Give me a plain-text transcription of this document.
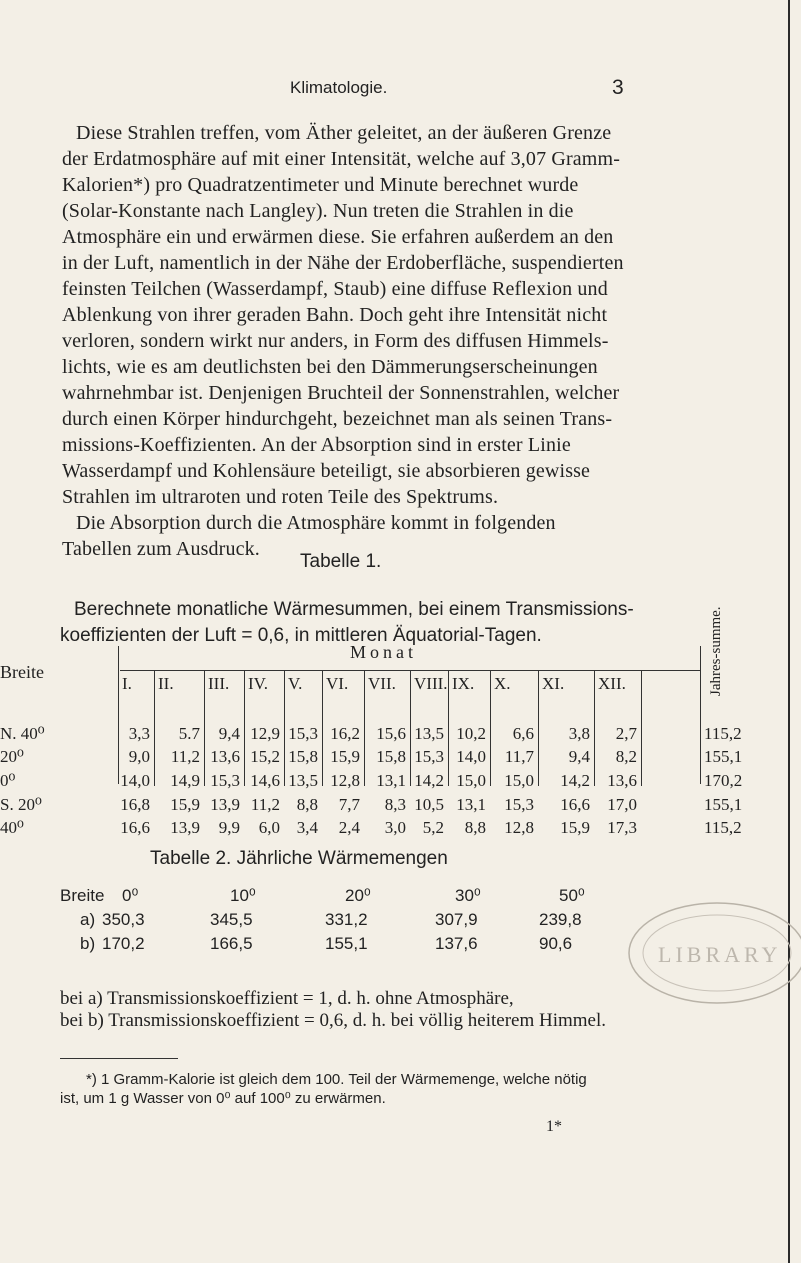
Klimatologie.	3
Diese Strahlen treffen, vom Äther geleitet, an der äußeren Grenze
der Erdatmosphäre auf mit einer Intensität, welche auf 3,07 Gramm-
Kalorien*) pro Quadratzentimeter und Minute berechnet wurde
(Solar-Konstante nach Langley). Nun treten die Strahlen in die
Atmosphäre ein und erwärmen diese. Sie erfahren außerdem an den
in der Luft, namentlich in der Nähe der Erdoberfläche, suspendierten
feinsten Teilchen (Wasserdampf, Staub) eine diffuse Reflexion und
Ablenkung von ihrer geraden Bahn. Doch geht ihre Intensität nicht
verloren, sondern wirkt nur anders, in Form des diffusen Himmels-
lichts, wie es am deutlichsten bei den Dämmerungserscheinungen
wahrnehmbar ist. Denjenigen Bruchteil der Sonnenstrahlen, welcher
durch einen Körper hindurchgeht, bezeichnet man als seinen Trans-
missions-Koeffizienten. An der Absorption sind in erster Linie
Wasserdampf und Kohlensäure beteiligt, sie absorbieren gewisse
Strahlen im ultraroten und roten Teile des Spektrums.
Die Absorption durch die Atmosphäre kommt in folgenden
Tabellen zum Ausdruck.
Tabelle 1.
Berechnete monatliche Wärmesummen, bei einem Transmissions-
koeffizienten der Luft = 0,6, in mittleren Äquatorial-Tagen.
Breite
Monat
I. II. III. IV. V. VI. VII. VIII. IX. X. XI. XII.	Jahres-summe.
N. 40⁰	3,3	5.7	9,4 12,9 15,3 16,2 15,6 13,5 10,2	6,6	3,8	2,7	115,2
20⁰	9,0	11,2 13,6 15,2 15,8 15,9 15,8 15,3 14,0	11,7	9,4	8,2	155,1
0⁰	14,0	14,9 15,3 14,6 13,5 12,8 13,1 14,2 15,0	15,0	14,2	13,6	170,2
S. 20⁰	16,8	15,9 13,9 11,2 8,8	7,7	8,3 10,5 13,1	15,3	16,6	17,0	155,1
40⁰	16,6	13,9	9,9	6,0 3,4	2,4	3,0 5,2	8,8	12,8	15,9	17,3	115,2
Tabelle 2. Jährliche Wärmemengen
Breite 0⁰	10⁰	20⁰	30⁰	50⁰
a) 350,3	345,5	331,2	307,9	239,8
b) 170,2	166,5	155,1	137,6	90,6
bei a) Transmissionskoeffizient = 1, d. h. ohne Atmosphäre,
bei b) Transmissionskoeffizient = 0,6, d. h. bei völlig heiterem Himmel.
*) 1 Gramm-Kalorie ist gleich dem 100. Teil der Wärmemenge, welche nötig
ist, um 1 g Wasser von 0⁰ auf 100⁰ zu erwärmen.
1*
LIBRARY
